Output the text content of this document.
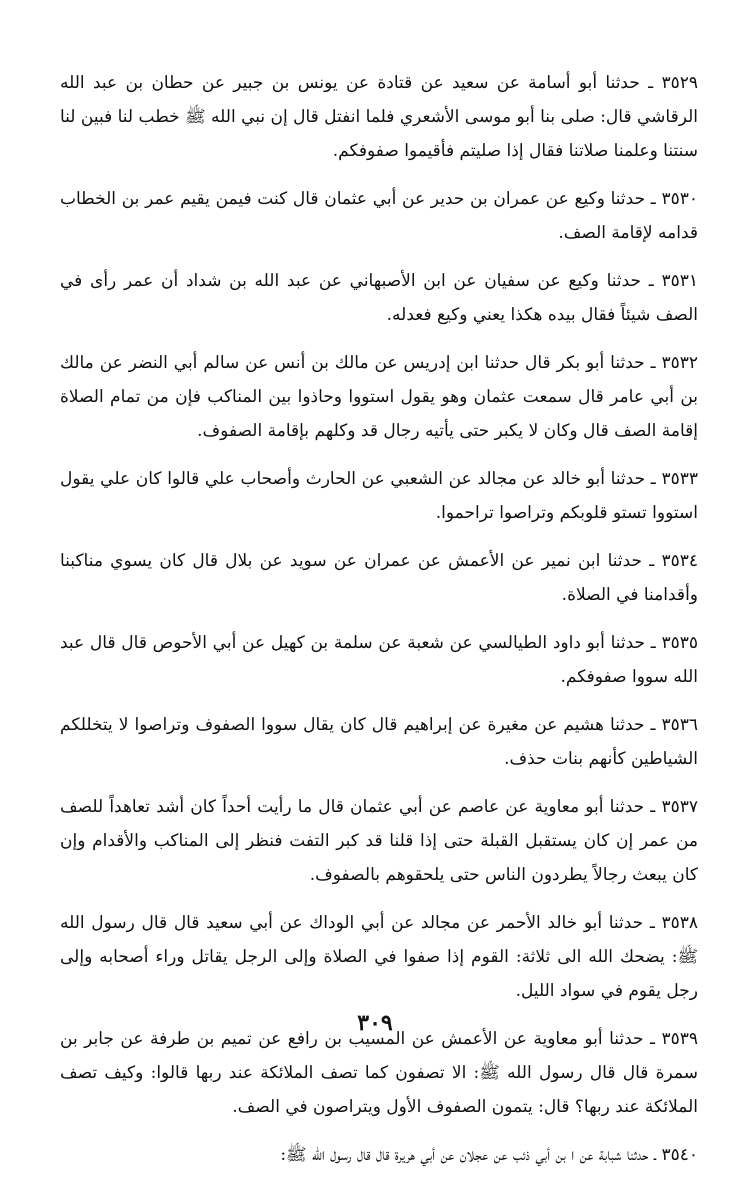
٣٥٢٩ ـ حدثنا أبو أسامة عن سعيد عن قتادة عن يونس بن جبير عن حطان بن عبد الله الرقاشي قال: صلى بنا أبو موسى الأشعري فلما انفتل قال إن نبي الله ﷺ خطب لنا فبين لنا سنتنا وعلمنا صلاتنا فقال إذا صليتم فأقيموا صفوفكم.

٣٥٣٠ ـ حدثنا وكيع عن عمران بن حدير عن أبي عثمان قال كنت فيمن يقيم عمر بن الخطاب قدامه لإقامة الصف.

٣٥٣١ ـ حدثنا وكيع عن سفيان عن ابن الأصبهاني عن عبد الله بن شداد أن عمر رأى في الصف شيئاً فقال بيده هكذا يعني وكيع فعدله.

٣٥٣٢ ـ حدثنا أبو بكر قال حدثنا ابن إدريس عن مالك بن أنس عن سالم أبي النضر عن مالك بن أبي عامر قال سمعت عثمان وهو يقول استووا وحاذوا بين المناكب فإن من تمام الصلاة إقامة الصف قال وكان لا يكبر حتى يأتيه رجال قد وكلهم بإقامة الصفوف.

٣٥٣٣ ـ حدثنا أبو خالد عن مجالد عن الشعبي عن الحارث وأصحاب علي قالوا كان علي يقول استووا تستو قلوبكم وتراصوا تراحموا.

٣٥٣٤ ـ حدثنا ابن نمير عن الأعمش عن عمران عن سويد عن بلال قال كان يسوي مناكبنا وأقدامنا في الصلاة.

٣٥٣٥ ـ حدثنا أبو داود الطيالسي عن شعبة عن سلمة بن كهيل عن أبي الأحوص قال قال عبد الله سووا صفوفكم.

٣٥٣٦ ـ حدثنا هشيم عن مغيرة عن إبراهيم قال كان يقال سووا الصفوف وتراصوا لا يتخللكم الشياطين كأنهم بنات حذف.

٣٥٣٧ ـ حدثنا أبو معاوية عن عاصم عن أبي عثمان قال ما رأيت أحداً كان أشد تعاهداً للصف من عمر إن كان يستقبل القبلة حتى إذا قلنا قد كبر التفت فنظر إلى المناكب والأقدام وإن كان يبعث رجالاً يطردون الناس حتى يلحقوهم بالصفوف.

٣٥٣٨ ـ حدثنا أبو خالد الأحمر عن مجالد عن أبي الوداك عن أبي سعيد قال قال رسول الله ﷺ: يضحك الله الى ثلاثة: القوم إذا صفوا في الصلاة وإلى الرجل يقاتل وراء أصحابه وإلى رجل يقوم في سواد الليل.

٣٥٣٩ ـ حدثنا أبو معاوية عن الأعمش عن المسيب بن رافع عن تميم بن طرفة عن جابر بن سمرة قال قال رسول الله ﷺ: الا تصفون كما تصف الملائكة عند ربها قالوا: وكيف تصف الملائكة عند ربها؟ قال: يتمون الصفوف الأول ويتراصون في الصف.

٣٥٤٠ ـ حدثنا شبابة عن ا بن أبي ذئب عن عجلان عن أبي هريرة قال قال رسول الله ﷺ:

٣٠٩
